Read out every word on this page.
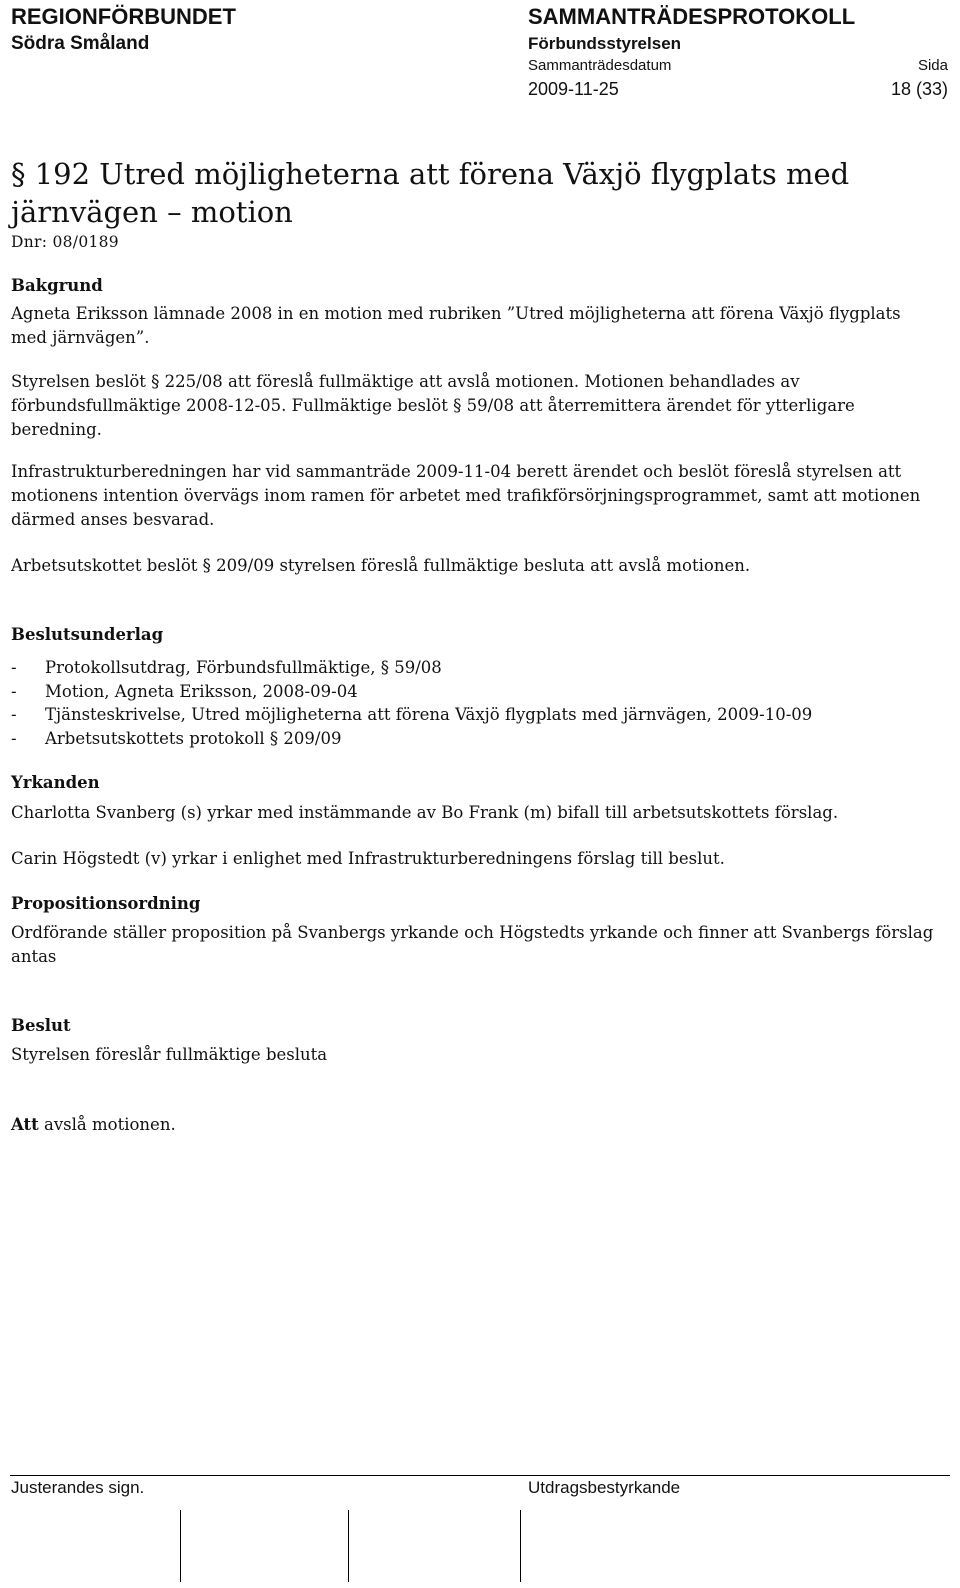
REGIONFÖRBUNDET
Södra Småland
SAMMANTRÄDESPROTOKOLL
Förbundsstyrelsen
Sammanträdesdatum	Sida
2009-11-25	18 (33)
§ 192 Utred möjligheterna att förena Växjö flygplats med järnvägen – motion
Dnr: 08/0189
Bakgrund

Agneta Eriksson lämnade 2008 in en motion med rubriken ”Utred möjligheterna att förena Växjö flygplats med järnvägen”.

Styrelsen beslöt § 225/08 att föreslå fullmäktige att avslå motionen. Motionen behandlades av förbundsfullmäktige 2008-12-05. Fullmäktige beslöt § 59/08 att återremittera ärendet för ytterligare beredning.

Infrastrukturberedningen har vid sammanträde 2009-11-04 berett ärendet och beslöt föreslå styrelsen att motionens intention övervägs inom ramen för arbetet med trafikförsörjningsprogrammet, samt att motionen därmed anses besvarad.

Arbetsutskottet beslöt § 209/09 styrelsen föreslå fullmäktige besluta att avslå motionen.

Beslutsunderlag
-	Protokollsutdrag, Förbundsfullmäktige, § 59/08
-	Motion, Agneta Eriksson, 2008-09-04
-	Tjänsteskrivelse, Utred möjligheterna att förena Växjö flygplats med järnvägen, 2009-10-09
-	Arbetsutskottets protokoll § 209/09
Yrkanden

Charlotta Svanberg (s) yrkar med instämmande av Bo Frank (m) bifall till arbetsutskottets förslag.

Carin Högstedt (v) yrkar i enlighet med Infrastrukturberedningens förslag till beslut.

Propositionsordning

Ordförande ställer proposition på Svanbergs yrkande och Högstedts yrkande och finner att Svanbergs förslag antas

Beslut

Styrelsen föreslår fullmäktige besluta

Att avslå motionen.

Justerandes sign.	Utdragsbestyrkande
